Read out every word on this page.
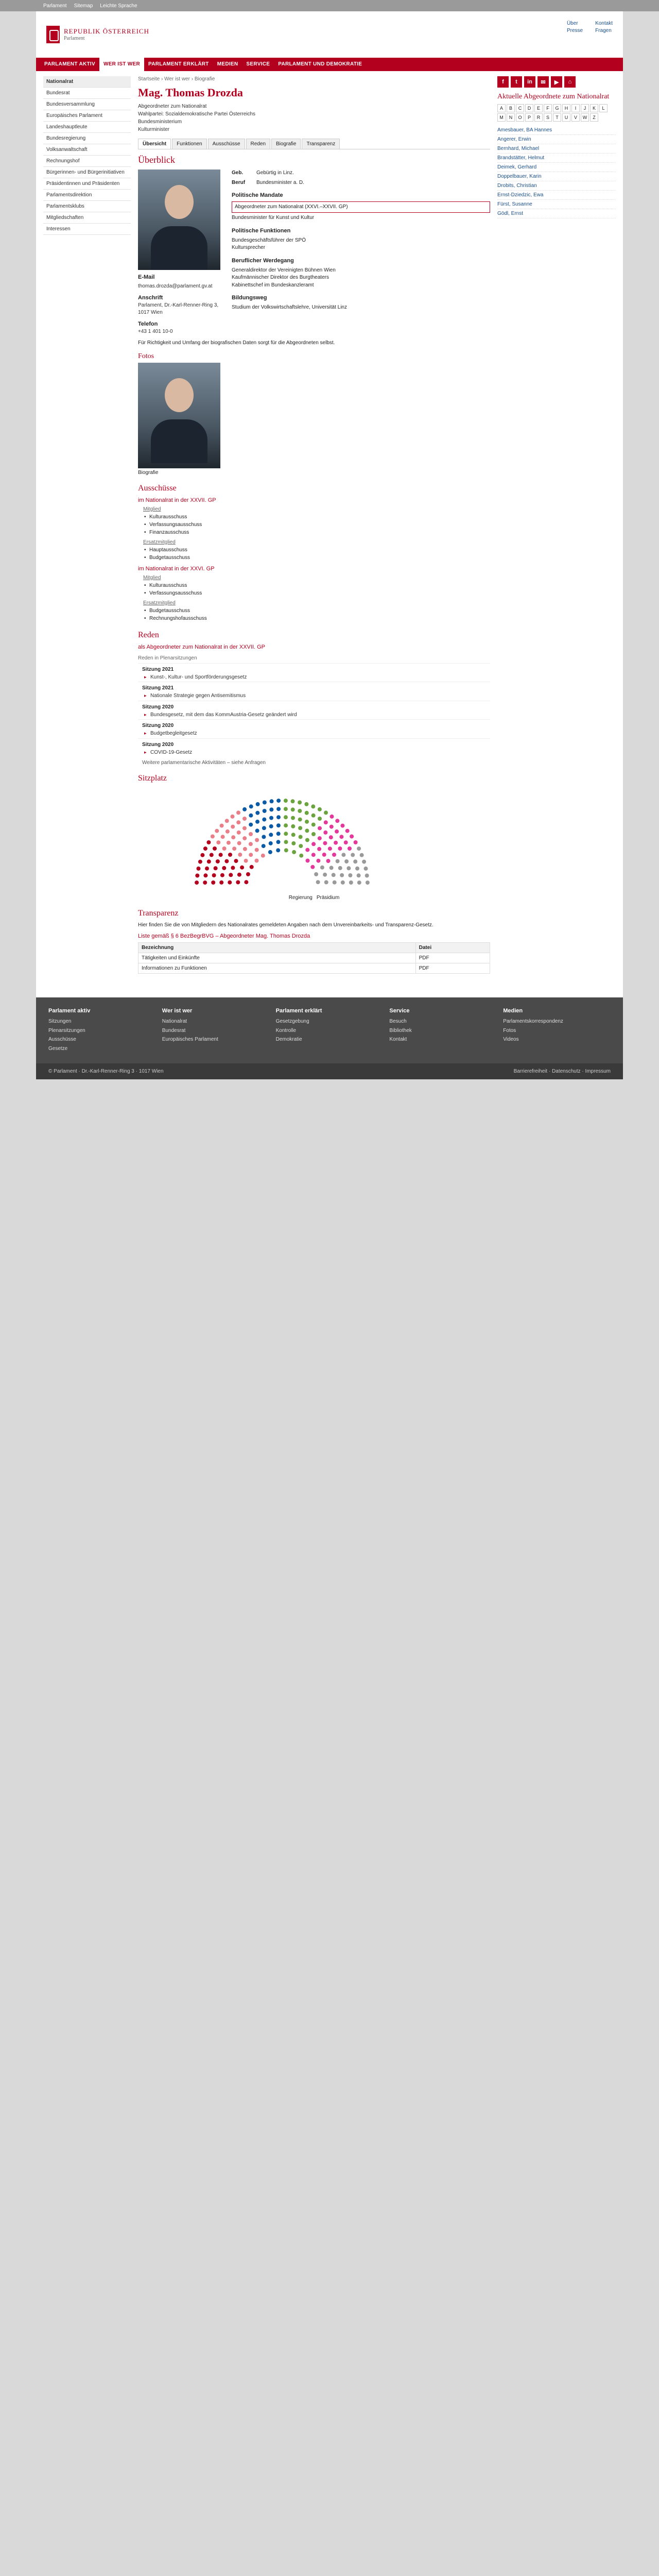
Parlament Sitemap Leichte Sprache
REPUBLIK ÖSTERREICH
Parlament
Über	Kontakt
Presse Fragen
PARLAMENT AKTIV	WER IST WER	PARLAMENT ERKLÄRT	MEDIEN	SERVICE	PARLAMENT UND DEMOKRATIE
Nationalrat
Bundesrat
Bundesversammlung
Europäisches Parlament
Landeshauptleute
Bundesregierung
Volksanwaltschaft
Rechnungshof
Bürgerinnen- und Bürgerinitiativen
Präsidentinnen und Präsidenten
Parlamentsdirektion
Parlamentsklubs
Mitgliedschaften
Interessen
Startseite › Wer ist wer › Biografie
Mag. Thomas Drozda
Abgeordneter zum Nationalrat
Wahlpartei: Sozialdemokratische Partei Österreichs
Bundesministerium
Kulturminister
Übersicht	Funktionen	Ausschüsse	Reden	Biografie	Transparenz
Überblick
E-Mail
thomas.drozda@parlament.gv.at
Anschrift
Parlament, Dr.-Karl-Renner-Ring 3, 1017 Wien
Telefon
+43 1 401 10-0
Geb.	Gebürtig in Linz.
Beruf	Bundesminister a. D.
Politische Mandate
Abgeordneter zum Nationalrat (XXVI.–XXVII. GP)
Bundesminister für Kunst und Kultur
Politische Funktionen
Bundesgeschäftsführer der SPÖ
Kultursprecher
Beruflicher Werdegang
Generaldirektor der Vereinigten Bühnen Wien
Kaufmännischer Direktor des Burgtheaters
Kabinettschef im Bundeskanzleramt
Bildungsweg
Studium der Volkswirtschaftslehre, Universität Linz
Für Richtigkeit und Umfang der biografischen Daten sorgt für die Abgeordneten selbst.
Fotos
Biografie
Ausschüsse
im Nationalrat in der XXVII. GP
Mitglied
• Kulturausschuss
• Verfassungsausschuss
• Finanzausschuss
Ersatzmitglied
• Hauptausschuss
• Budgetausschuss
im Nationalrat in der XXVI. GP
Mitglied
• Kulturausschuss
• Verfassungsausschuss
Ersatzmitglied
• Budgetausschuss
• Rechnungshofausschuss
Reden
als Abgeordneter zum Nationalrat in der XXVII. GP
Reden in Plenarsitzungen
Sitzung 2021
▸ Kunst-, Kultur- und Sportförderungsgesetz
Sitzung 2021
▸ Nationale Strategie gegen Antisemitismus
Sitzung 2020
▸ Bundesgesetz, mit dem das KommAustria-Gesetz geändert wird
Sitzung 2020
▸ Budgetbegleitgesetz
Sitzung 2020
▸ COVID-19-Gesetz
Weitere parlamentarische Aktivitäten – siehe Anfragen
Sitzplatz
Regierung Präsidium
Transparenz
Hier finden Sie die von Mitgliedern des Nationalrates gemeldeten Angaben nach dem Unvereinbarkeits- und Transparenz-Gesetz.
Liste gemäß § 6 BezBegrBVG – Abgeordneter Mag. Thomas Drozda
Bezeichnung	Datei
Tätigkeiten und Einkünfte	PDF
Informationen zu Funktionen	PDF
f	t	in	✉	▶	⌂
Aktuelle Abgeordnete zum Nationalrat
A	B	C	D	E	F	G	H	I	J	K	L
M	N	O	P	R	S	T	U	V	W	Z
Amesbauer, BA Hannes
Angerer, Erwin
Bernhard, Michael
Brandstätter, Helmut
Deimek, Gerhard
Doppelbauer, Karin
Drobits, Christian
Ernst-Dziedzic, Ewa
Fürst, Susanne
Gödl, Ernst
Parlament aktiv
Sitzungen
Plenarsitzungen
Ausschüsse
Gesetze
Wer ist wer
Nationalrat
Bundesrat
Europäisches Parlament
Parlament erklärt
Gesetzgebung
Kontrolle
Demokratie
Service
Besuch
Bibliothek
Kontakt
Medien
Parlamentskorrespondenz
Fotos
Videos
© Parlament · Dr.-Karl-Renner-Ring 3 · 1017 Wien	Barrierefreiheit · Datenschutz · Impressum
